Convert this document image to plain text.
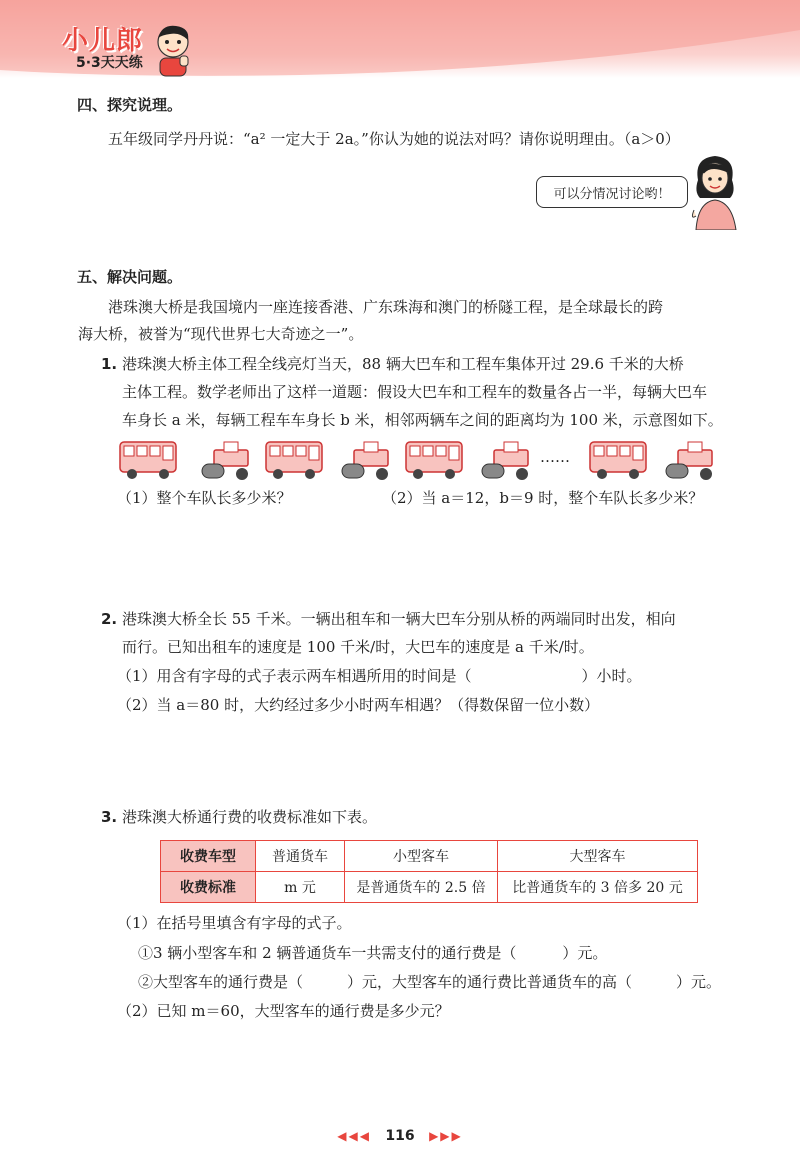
小儿郎
5·3天天练
四、探究说理。
五年级同学丹丹说：“a² 一定大于 2a。”你认为她的说法对吗？请你说明理由。（a＞0）
可以分情况讨论哟！
五、解决问题。
港珠澳大桥是我国境内一座连接香港、广东珠海和澳门的桥隧工程，是全球最长的跨
海大桥，被誉为“现代世界七大奇迹之一”。
1. 港珠澳大桥主体工程全线亮灯当天，88 辆大巴车和工程车集体开过 29.6 千米的大桥
主体工程。数学老师出了这样一道题：假设大巴车和工程车的数量各占一半，每辆大巴车
车身长 a 米，每辆工程车车身长 b 米，相邻两辆车之间的距离均为 100 米，示意图如下。
……
（1）整个车队长多少米？	（2）当 a＝12，b＝9 时，整个车队长多少米？
2. 港珠澳大桥全长 55 千米。一辆出租车和一辆大巴车分别从桥的两端同时出发，相向
而行。已知出租车的速度是 100 千米/时，大巴车的速度是 a 千米/时。
（1）用含有字母的式子表示两车相遇所用的时间是（	）小时。
（2）当 a＝80 时，大约经过多少小时两车相遇？（得数保留一位小数）
3. 港珠澳大桥通行费的收费标准如下表。
收费车型	普通货车	小型客车	大型客车
收费标准	m 元	是普通货车的 2.5 倍	比普通货车的 3 倍多 20 元
（1）在括号里填含有字母的式子。
①3 辆小型客车和 2 辆普通货车一共需支付的通行费是（	）元。
②大型客车的通行费是（	）元，大型客车的通行费比普通货车的高（	）元。
（2）已知 m＝60，大型客车的通行费是多少元？
◀◀◀ 116 ▶▶▶
